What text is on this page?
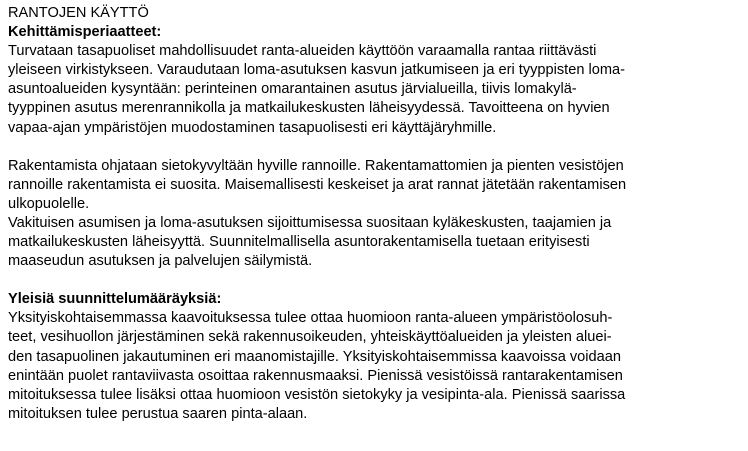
RANTOJEN KÄYTTÖ

Kehittämisperiaatteet:

Turvataan tasapuoliset mahdollisuudet ranta-alueiden käyttöön varaamalla rantaa riittävästi

yleiseen virkistykseen. Varaudutaan loma-asutuksen kasvun jatkumiseen ja eri tyyppisten loma-

asuntoalueiden kysyntään: perinteinen omarantainen asutus järvialueilla, tiivis lomakylä-

tyyppinen asutus merenrannikolla ja matkailukeskusten läheisyydessä. Tavoitteena on hyvien

vapaa-ajan ympäristöjen muodostaminen tasapuolisesti eri käyttäjäryhmille.

Rakentamista ohjataan sietokyvyltään hyville rannoille. Rakentamattomien ja pienten vesistöjen

rannoille rakentamista ei suosita. Maisemallisesti keskeiset ja arat rannat jätetään rakentamisen

ulkopuolelle.

Vakituisen asumisen ja loma-asutuksen sijoittumisessa suositaan kyläkeskusten, taajamien ja

matkailukeskusten läheisyyttä. Suunnitelmallisella asuntorakentamisella tuetaan erityisesti

maaseudun asutuksen ja palvelujen säilymistä.

Yleisiä suunnittelumääräyksiä:

Yksityiskohtaisemmassa kaavoituksessa tulee ottaa huomioon ranta-alueen ympäristöolosuh-

teet, vesihuollon järjestäminen sekä rakennusoikeuden, yhteiskäyttöalueiden ja yleisten aluei-

den tasapuolinen jakautuminen eri maanomistajille. Yksityiskohtaisemmissa kaavoissa voidaan

enintään puolet rantaviivasta osoittaa rakennusmaaksi. Pienissä vesistöissä rantarakentamisen

mitoituksessa tulee lisäksi ottaa huomioon vesistön sietokyky ja vesipinta-ala. Pienissä saarissa

mitoituksen tulee perustua saaren pinta-alaan.
